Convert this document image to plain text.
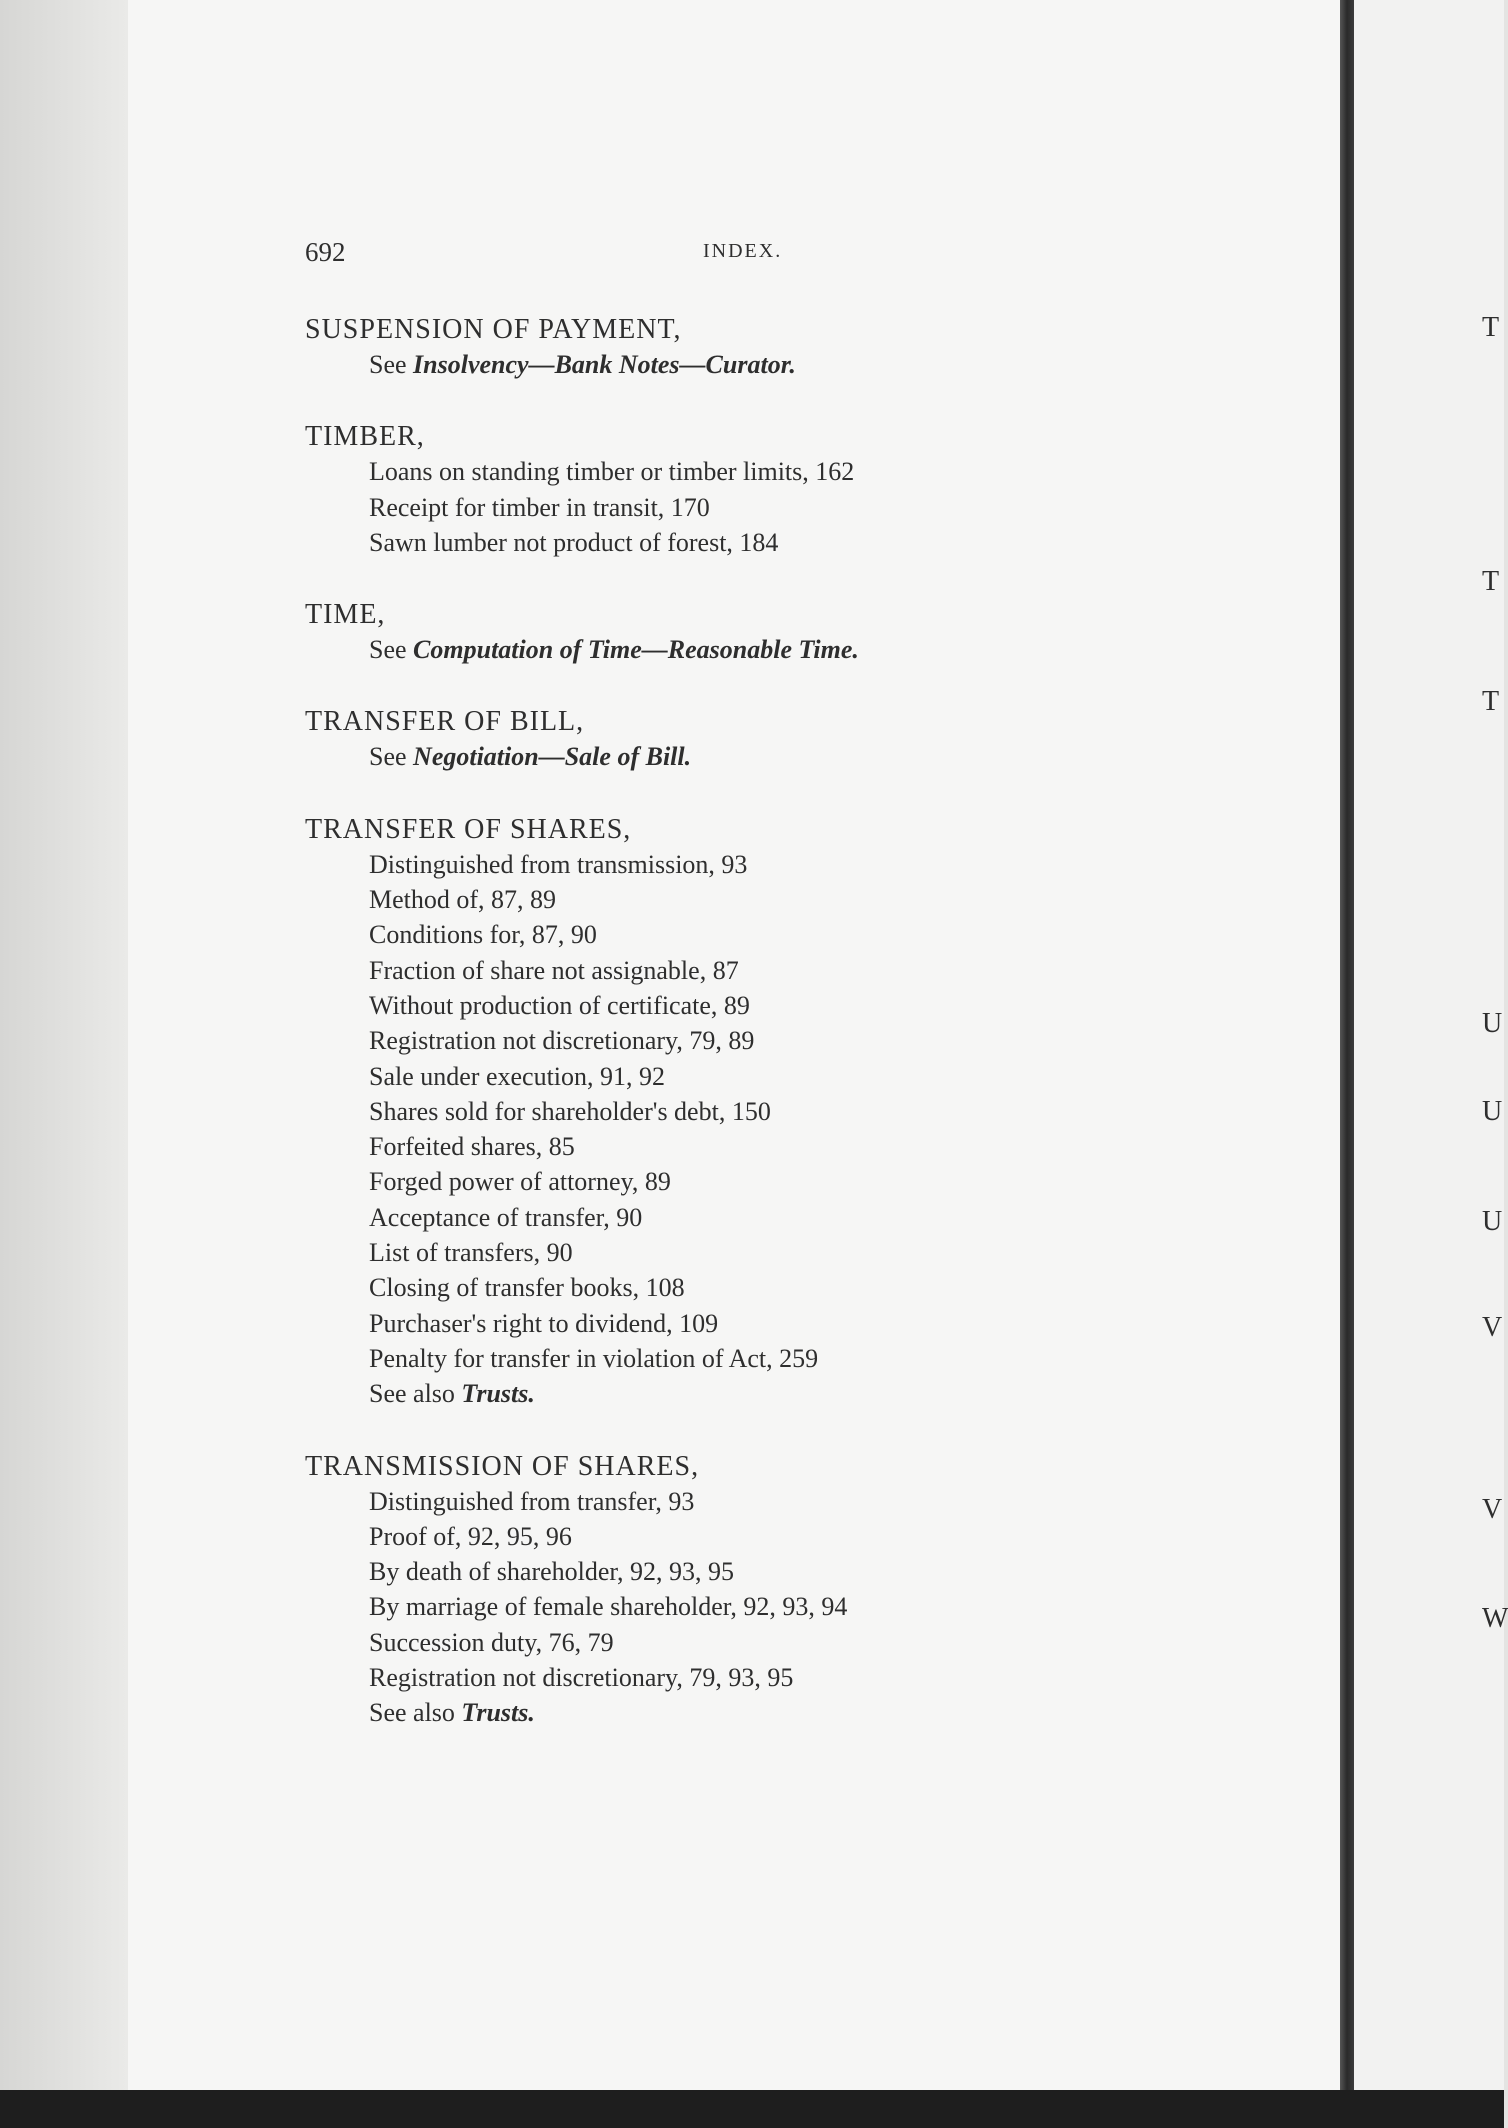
692	INDEX.
SUSPENSION OF PAYMENT,
See Insolvency—Bank Notes—Curator.
TIMBER,
Loans on standing timber or timber limits, 162
Receipt for timber in transit, 170
Sawn lumber not product of forest, 184
TIME,
See Computation of Time—Reasonable Time.
TRANSFER OF BILL,
See Negotiation—Sale of Bill.
TRANSFER OF SHARES,
Distinguished from transmission, 93
Method of, 87, 89
Conditions for, 87, 90
Fraction of share not assignable, 87
Without production of certificate, 89
Registration not discretionary, 79, 89
Sale under execution, 91, 92
Shares sold for shareholder's debt, 150
Forfeited shares, 85
Forged power of attorney, 89
Acceptance of transfer, 90
List of transfers, 90
Closing of transfer books, 108
Purchaser's right to dividend, 109
Penalty for transfer in violation of Act, 259
See also Trusts.
TRANSMISSION OF SHARES,
Distinguished from transfer, 93
Proof of, 92, 95, 96
By death of shareholder, 92, 93, 95
By marriage of female shareholder, 92, 93, 94
Succession duty, 76, 79
Registration not discretionary, 79, 93, 95
See also Trusts.
T
T
T
U
U
U
V
V
W
